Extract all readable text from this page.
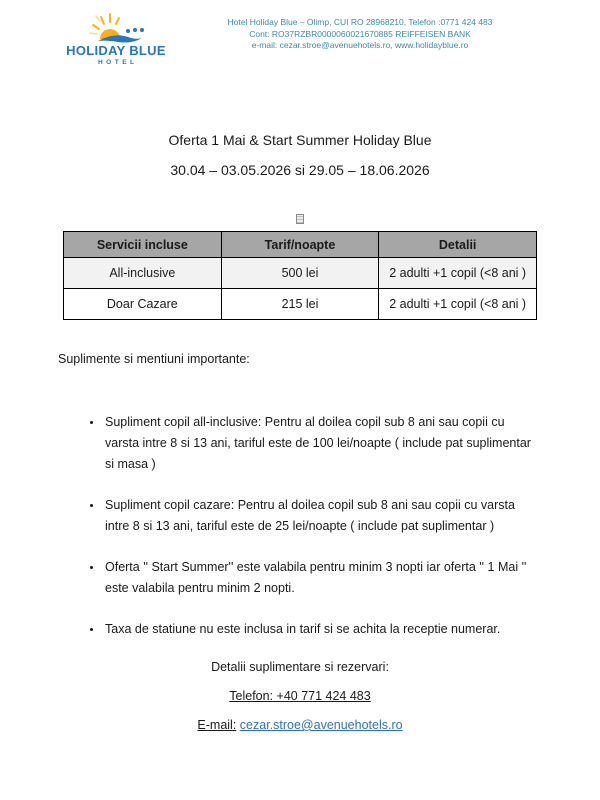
HOLIDAY BLUE
HOTEL
Hotel Holiday Blue – Olimp, CUI RO 28968210, Telefon :0771 424 483
Cont: RO37RZBR0000060021670885 REIFFEISEN BANK
e-mail: cezar.stroe@avenuehotels.ro, www.holidayblue.ro
Oferta 1 Mai & Start Summer Holiday Blue
30.04 – 03.05.2026 si 29.05 – 18.06.2026
Servicii incluse	Tarif/noapte	Detalii
All-inclusive	500 lei	2 adulti +1 copil (<8 ani )
Doar Cazare	215 lei	2 adulti +1 copil (<8 ani )
Suplimente si mentiuni importante:
• Supliment copil all-inclusive: Pentru al doilea copil sub 8 ani sau copii cu varsta intre 8 si 13 ani, tariful este de 100 lei/noapte ( include pat suplimentar si masa )
• Supliment copil cazare: Pentru al doilea copil sub 8 ani sau copii cu varsta intre 8 si 13 ani, tariful este de 25 lei/noapte ( include pat suplimentar )
• Oferta '' Start Summer'' este valabila pentru minim 3 nopti iar oferta '' 1 Mai '' este valabila pentru minim 2 nopti.
• Taxa de statiune nu este inclusa in tarif si se achita la receptie numerar.
Detalii suplimentare si rezervari:
Telefon: +40 771 424 483
E-mail: cezar.stroe@avenuehotels.ro
